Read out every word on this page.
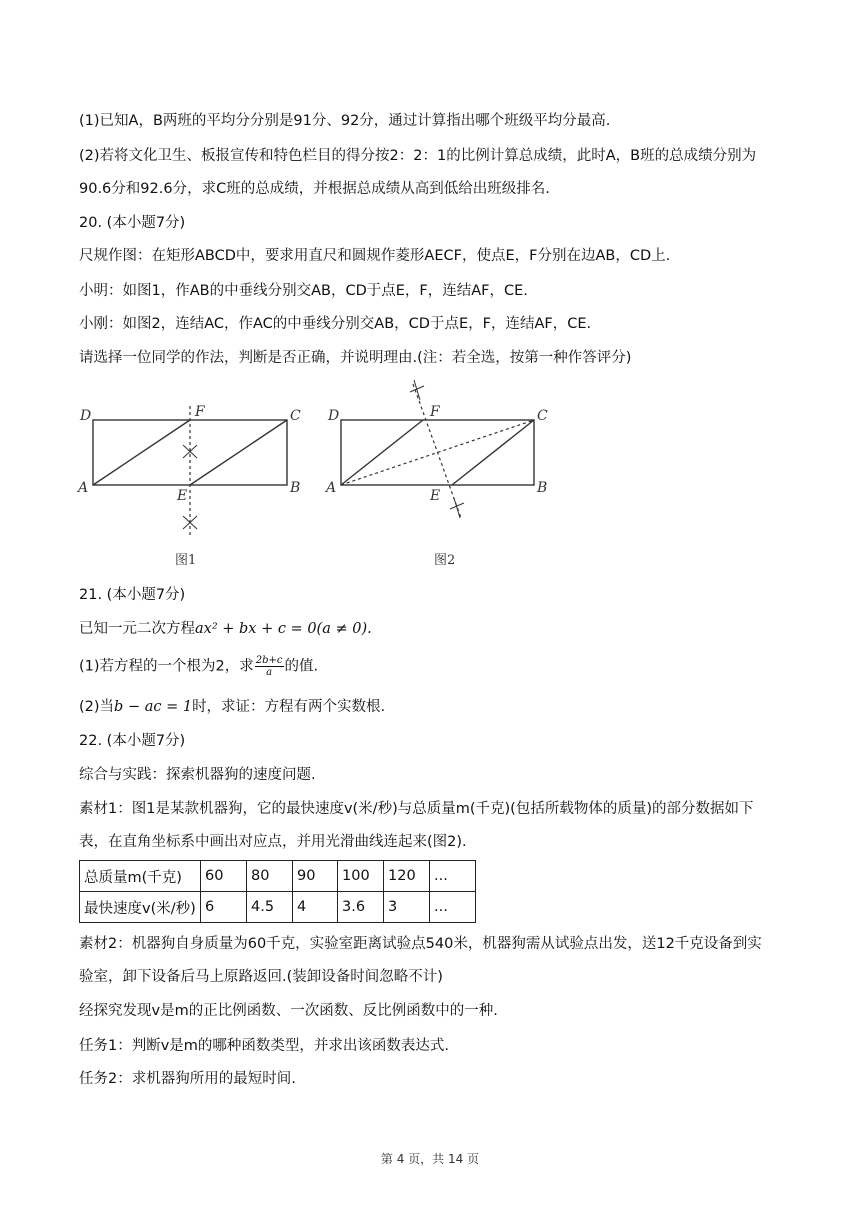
(1)已知A，B两班的平均分分别是91分、92分，通过计算指出哪个班级平均分最高.
(2)若将文化卫生、板报宣传和特色栏目的得分按2：2：1的比例计算总成绩，此时A，B班的总成绩分别为
90.6分和92.6分，求C班的总成绩，并根据总成绩从高到低给出班级排名.
20. (本小题7分)
尺规作图：在矩形ABCD中，要求用直尺和圆规作菱形AECF，使点E，F分别在边AB，CD上.
小明：如图1，作AB的中垂线分别交AB，CD于点E，F，连结AF，CE.
小刚：如图2，连结AC，作AC的中垂线分别交AB，CD于点E，F，连结AF，CE.
请选择一位同学的作法，判断是否正确，并说明理由.(注：若全选，按第一种作答评分)
D	F	C
A	E	B
图1
D	F	C
A	E	B
图2
21. (本小题7分)
已知一元二次方程ax² + bx + c = 0(a ≠ 0).
(1)若方程的一个根为2，求 $\frac{2b+c}{a}$ 的值.
(2)当b − ac = 1时，求证：方程有两个实数根.
22. (本小题7分)
综合与实践：探索机器狗的速度问题.
素材1：图1是某款机器狗，它的最快速度v(米/秒)与总质量m(千克)(包括所载物体的质量)的部分数据如下
表，在直角坐标系中画出对应点，并用光滑曲线连起来(图2).
总质量m(千克)	60	80	90	100	120	...
最快速度v(米/秒)	6	4.5	4	3.6	3	...
素材2：机器狗自身质量为60千克，实验室距离试验点540米，机器狗需从试验点出发，送12千克设备到实
验室，卸下设备后马上原路返回.(装卸设备时间忽略不计)
经探究发现v是m的正比例函数、一次函数、反比例函数中的一种.
任务1：判断v是m的哪种函数类型，并求出该函数表达式.
任务2：求机器狗所用的最短时间.
第 4 页，共 14 页
